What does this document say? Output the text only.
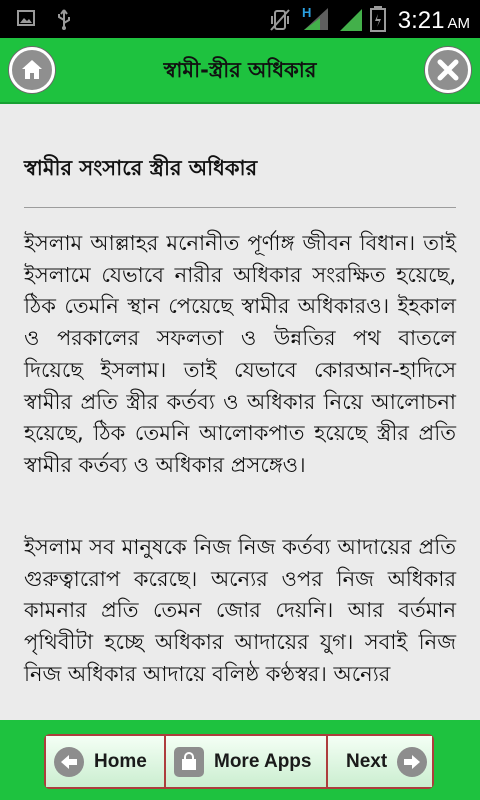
H	3:21 AM
স্বামী-স্ত্রীর অধিকার
স্বামীর সংসারে স্ত্রীর অধিকার

ইসলাম আল্লাহর মনোনীত পূর্ণাঙ্গ জীবন বিধান। তাই ইসলামে যেভাবে নারীর অধিকার সংরক্ষিত হয়েছে, ঠিক তেমনি স্থান পেয়েছে স্বামীর অধিকারও। ইহকাল ও পরকালের সফলতা ও উন্নতির পথ বাতলে দিয়েছে ইসলাম। তাই যেভাবে কোরআন-হাদিসে স্বামীর প্রতি স্ত্রীর কর্তব্য ও অধিকার নিয়ে আলোচনা হয়েছে, ঠিক তেমনি আলোকপাত হয়েছে স্ত্রীর প্রতি স্বামীর কর্তব্য ও অধিকার প্রসঙ্গেও।

ইসলাম সব মানুষকে নিজ নিজ কর্তব্য আদায়ের প্রতি গুরুত্বারোপ করেছে। অন্যের ওপর নিজ অধিকার কামনার প্রতি তেমন জোর দেয়নি। আর বর্তমান পৃথিবীটা হচ্ছে অধিকার আদায়ের যুগ। সবাই নিজ নিজ অধিকার আদায়ে বলিষ্ঠ কণ্ঠস্বর। অন্যের

Home	More Apps Next
